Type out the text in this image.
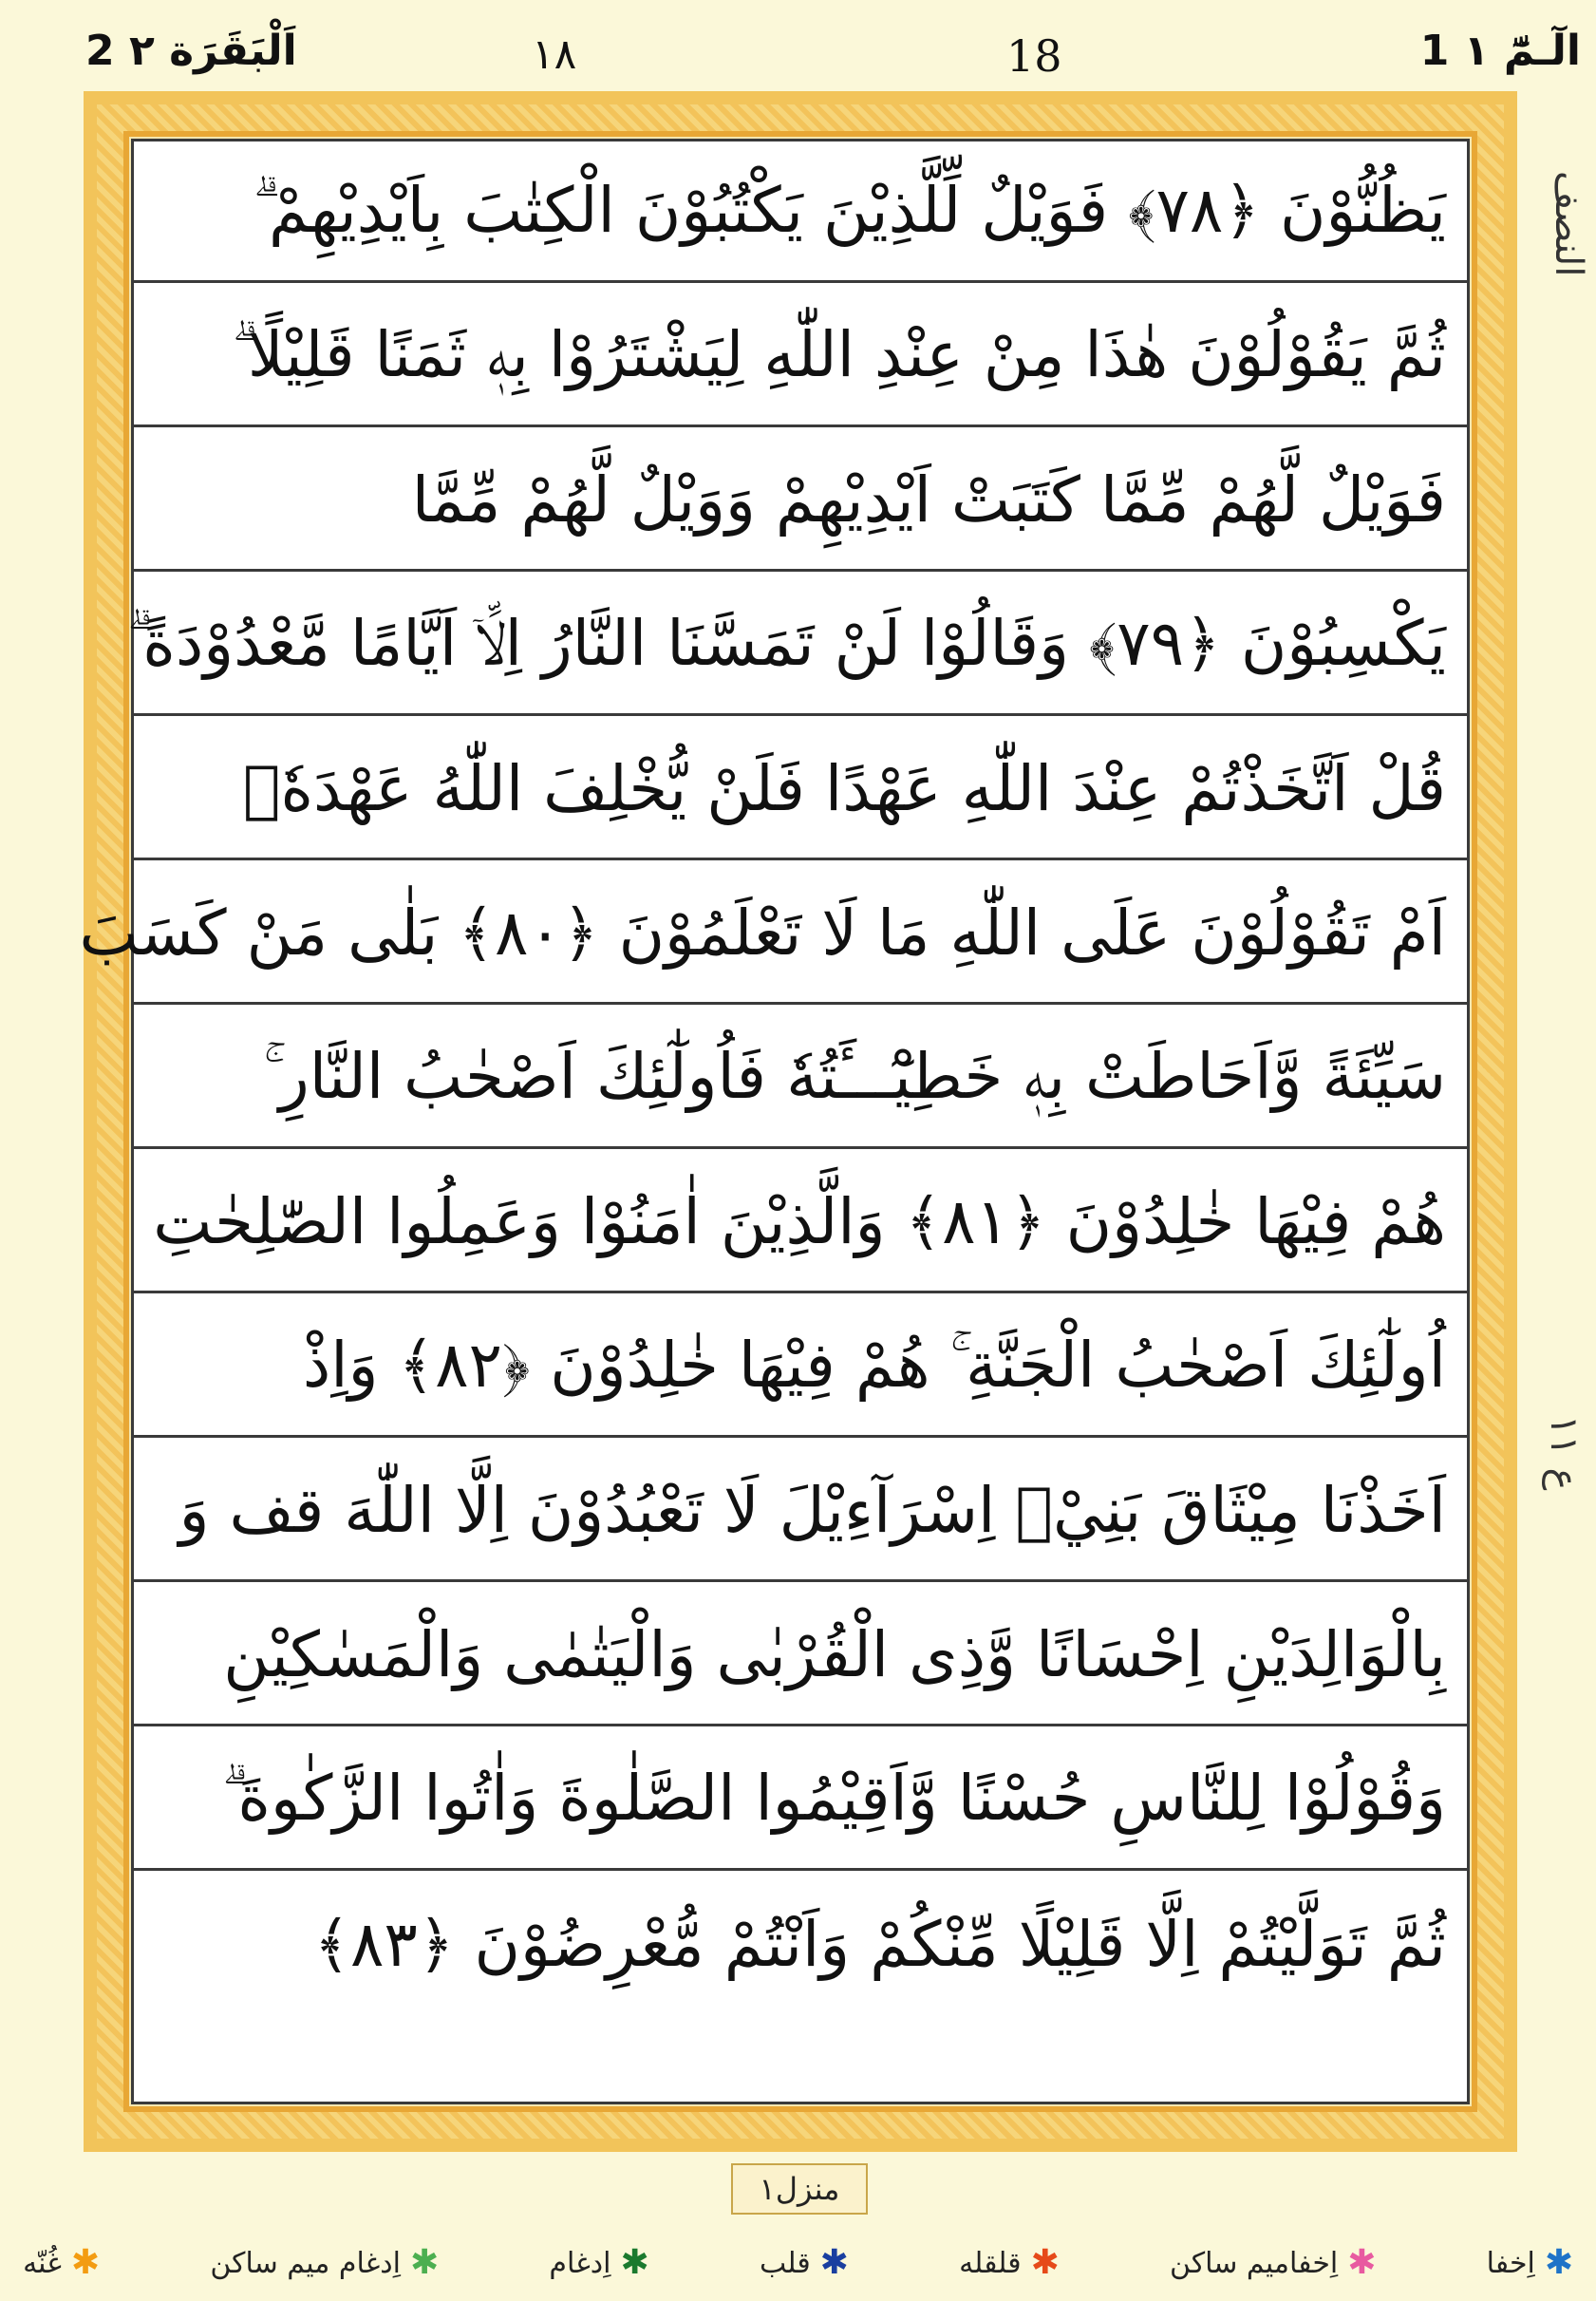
2 اَلْبَقَرَة ٢	١٨	18	1 الٓـمّٓ ١
النصف
ع ١١
يَظُنُّوْنَ ﴿٧٨﴾ فَوَيْلٌ لِّلَّذِيْنَ يَكْتُبُوْنَ الْكِتٰبَ بِاَيْدِيْهِمْ ۗ
ثُمَّ يَقُوْلُوْنَ هٰذَا مِنْ عِنْدِ اللّٰهِ لِيَشْتَرُوْا بِهٖ ثَمَنًا قَلِيْلًا ۗ
فَوَيْلٌ لَّهُمْ مِّمَّا كَتَبَتْ اَيْدِيْهِمْ وَوَيْلٌ لَّهُمْ مِّمَّا
يَكْسِبُوْنَ ﴿٧٩﴾ وَقَالُوْا لَنْ تَمَسَّنَا النَّارُ اِلَّاۤ اَيَّامًا مَّعْدُوْدَةً ۗ
قُلْ اَتَّخَذْتُمْ عِنْدَ اللّٰهِ عَهْدًا فَلَنْ يُّخْلِفَ اللّٰهُ عَهْدَهٗۤ
اَمْ تَقُوْلُوْنَ عَلَى اللّٰهِ مَا لَا تَعْلَمُوْنَ ﴿٨٠﴾ بَلٰى مَنْ كَسَبَ
سَيِّئَةً وَّاَحَاطَتْ بِهٖ خَطِيْٓـــَٔتُهٗ فَاُولٰٓئِكَ اَصْحٰبُ النَّارِ ۚ
هُمْ فِيْهَا خٰلِدُوْنَ ﴿٨١﴾ وَالَّذِيْنَ اٰمَنُوْا وَعَمِلُوا الصّٰلِحٰتِ
اُولٰٓئِكَ اَصْحٰبُ الْجَنَّةِ ۚ هُمْ فِيْهَا خٰلِدُوْنَ ﴿٨٢﴾ وَاِذْ
اَخَذْنَا مِيْثَاقَ بَنِيْۤ اِسْرَآءِيْلَ لَا تَعْبُدُوْنَ اِلَّا اللّٰهَ قف وَ
بِالْوَالِدَيْنِ اِحْسَانًا وَّذِى الْقُرْبٰى وَالْيَتٰمٰى وَالْمَسٰكِيْنِ
وَقُوْلُوْا لِلنَّاسِ حُسْنًا وَّاَقِيْمُوا الصَّلٰوةَ وَاٰتُوا الزَّكٰوةَ ۗ
ثُمَّ تَوَلَّيْتُمْ اِلَّا قَلِيْلًا مِّنْكُمْ وَاَنْتُمْ مُّعْرِضُوْنَ ﴿٨٣﴾
منزل١
✱
اِخفا
✱
اِخفاميم ساكن
✱
قلقله
✱
قلب
✱
اِدغام
✱
اِدغام ميم ساكن
✱
غُنّه
